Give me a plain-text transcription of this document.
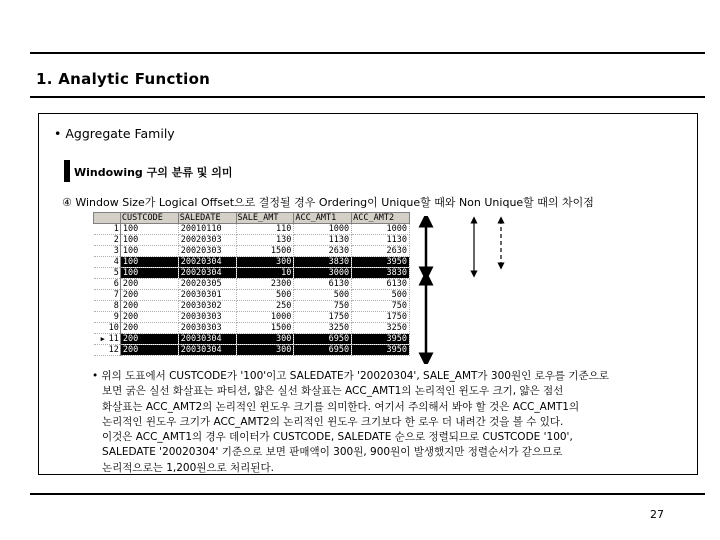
1. Analytic Function
• Aggregate Family
Windowing 구의 분류 및 의미
④ Window Size가 Logical Offset으로 결정될 경우 Ordering이 Unique할 때와 Non Unique할 때의 차이점
	CUSTCODE	SALEDATE	SALE_AMT	ACC_AMT1	ACC_AMT2
1	100	20010110	110	1000	1000
2	100	20020303	130	1130	1130
3	100	20020303	1500	2630	2630
4	100	20020304	300	3830	3950
5	100	20020304	10	3000	3830
6	200	20020305	2300	6130	6130
7	200	20030301	500	500	500
8	200	20030302	250	750	750
9	200	20030303	1000	1750	1750
10	200	20030303	1500	3250	3250
▶ 11	200	20030304	300	6950	3950
12	200	20030304	300	6950	3950
• 위의 도표에서 CUSTCODE가 '100'이고 SALEDATE가 '20020304', SALE_AMT가 300원인 로우를 기준으로
보면 굵은 실선 화살표는 파티션, 얇은 실선 화살표는 ACC_AMT1의 논리적인 윈도우 크기, 얇은 점선
화살표는 ACC_AMT2의 논리적인 윈도우 크기를 의미한다. 여기서 주의해서 봐야 할 것은 ACC_AMT1의
논리적인 윈도우 크기가 ACC_AMT2의 논리적인 윈도우 크기보다 한 로우 더 내려간 것을 볼 수 있다.
이것은 ACC_AMT1의 경우 데이터가 CUSTCODE, SALEDATE 순으로 정렬되므로 CUSTCODE '100',
SALEDATE '20020304' 기준으로 보면 판매액이 300원, 900원이 발생했지만 정렬순서가 같으므로
논리적으로는 1,200원으로 처리된다.
27
